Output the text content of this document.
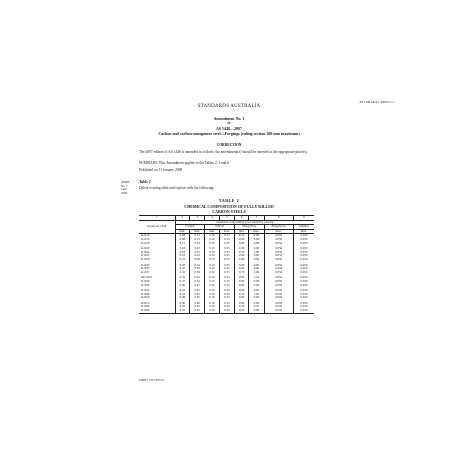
AS 1448 Amdt 1-2008 01 11
STANDARDS AUSTRALIA
Amendment No. 1
to
AS 1448—2007
Carbon and carbon-manganese steel—Forgings (ruling section 300 mm maximum)
CORRECTION
The 2007 edition of AS 1448 is amended as follows; the amendment(s) should be inserted in the appropriate place(s).
SUMMARY: This Amendment applies to the Tables 2, 3 and 6.
Published on 11 January 2008.
AMDT
No. 1
JAN
2008
Table 2
Delete existing table and replace with the following:
TABLE 2
CHEMICAL COMPOSITION OF FULLY KILLED
CARBON STEELS
1	2	3	4	5	6	7	8	9
Grade AS 1448	Chemical composition (cast analysis), percent							
	Carbon		Silicon		Manganese		Phosphorus	Sulphur
	min.	max.	min.	max.	min.	max.	max.	max.
K1010	0.08	0.13	0.10	0.35	0.30	0.60	0.050	0.050
K1015	0.08	0.13	0.10	0.35	0.60	0.90	0.050	0.050
K1016	0.13	0.18	0.10	0.35	0.60	0.90	0.050	0.050
K1020	0.18	0.23	0.10	0.35	0.30	0.60	0.050	0.050
K1022	0.18	0.23	0.10	0.35	0.70	1.00	0.050	0.050
K1025	0.18	0.23	0.10	0.35	0.60	0.90	0.050	0.050
K1026	0.22	0.28	0.10	0.35	0.60	0.90	0.050	0.050
K1030	0.28	0.34	0.10	0.35	0.60	0.90	0.050	0.050
K1035	0.32	0.38	0.10	0.35	0.60	0.90	0.050	0.050
K1037	0.32	0.38	0.10	0.35	0.70	1.00	0.050	0.050
XK1038	0.35	0.42	0.10	0.35	0.85	1.10	0.050	0.050
K1040	0.37	0.44	0.10	0.35	0.60	0.90	0.050	0.050
K1042	0.40	0.47	0.10	0.35	0.60	0.90	0.050	0.050
K1045	0.43	0.50	0.10	0.35	0.60	0.90	0.050	0.050
K1046	0.43	0.50	0.10	0.35	0.70	1.00	0.050	0.050
K1050	0.48	0.55	0.10	0.35	0.60	0.90	0.050	0.050
K1055	0.50	0.60	0.10	0.35	0.60	0.90	0.050	0.050
K1058	0.56	0.63	0.10	0.35	0.30	0.55	0.050	0.050
K1060	0.55	0.65	0.10	0.35	0.60	0.90	0.050	0.050
ISBN 0 7337 8555 8
